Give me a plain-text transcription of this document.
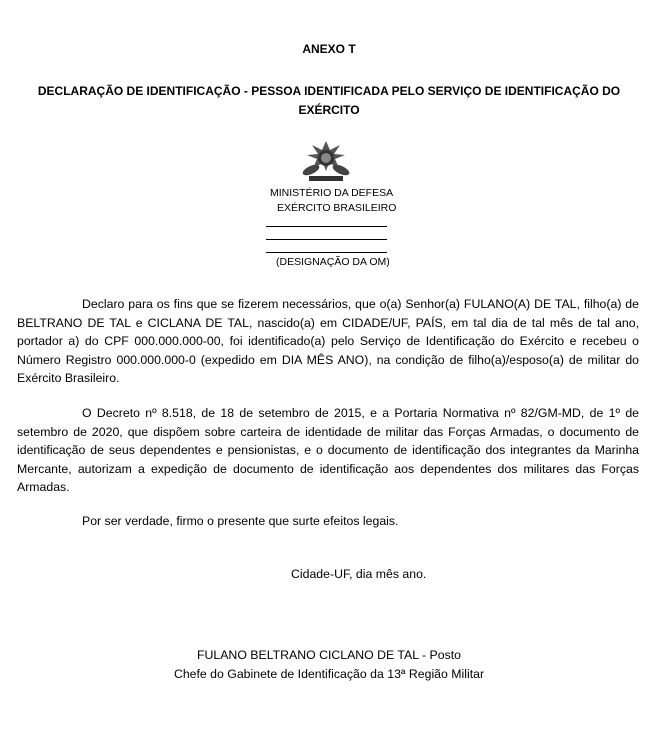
ANEXO T
DECLARAÇÃO DE IDENTIFICAÇÃO - PESSOA IDENTIFICADA PELO SERVIÇO DE IDENTIFICAÇÃO DO EXÉRCITO
MINISTÉRIO DA DEFESA
EXÉRCITO BRASILEIRO
(DESIGNAÇÃO DA OM)

Declaro para os fins que se fizerem necessários, que o(a) Senhor(a) FULANO(A) DE TAL, filho(a) de BELTRANO DE TAL e CICLANA DE TAL, nascido(a) em CIDADE/UF, PAÍS, em tal dia de tal mês de tal ano, portador a) do CPF 000.000.000-00, foi identificado(a) pelo Serviço de Identificação do Exército e recebeu o Número Registro 000.000.000-0 (expedido em DIA MÊS ANO), na condição de filho(a)/esposo(a) de militar do Exército Brasileiro.

O Decreto nº 8.518, de 18 de setembro de 2015, e a Portaria Normativa nº 82/GM-MD, de 1º de setembro de 2020, que dispõem sobre carteira de identidade de militar das Forças Armadas, o documento de identificação de seus dependentes e pensionistas, e o documento de identificação dos integrantes da Marinha Mercante, autorizam a expedição de documento de identificação aos dependentes dos militares das Forças Armadas.

Por ser verdade, firmo o presente que surte efeitos legais.

Cidade-UF, dia mês ano.
FULANO BELTRANO CICLANO DE TAL - Posto
Chefe do Gabinete de Identificação da 13ª Região Militar
